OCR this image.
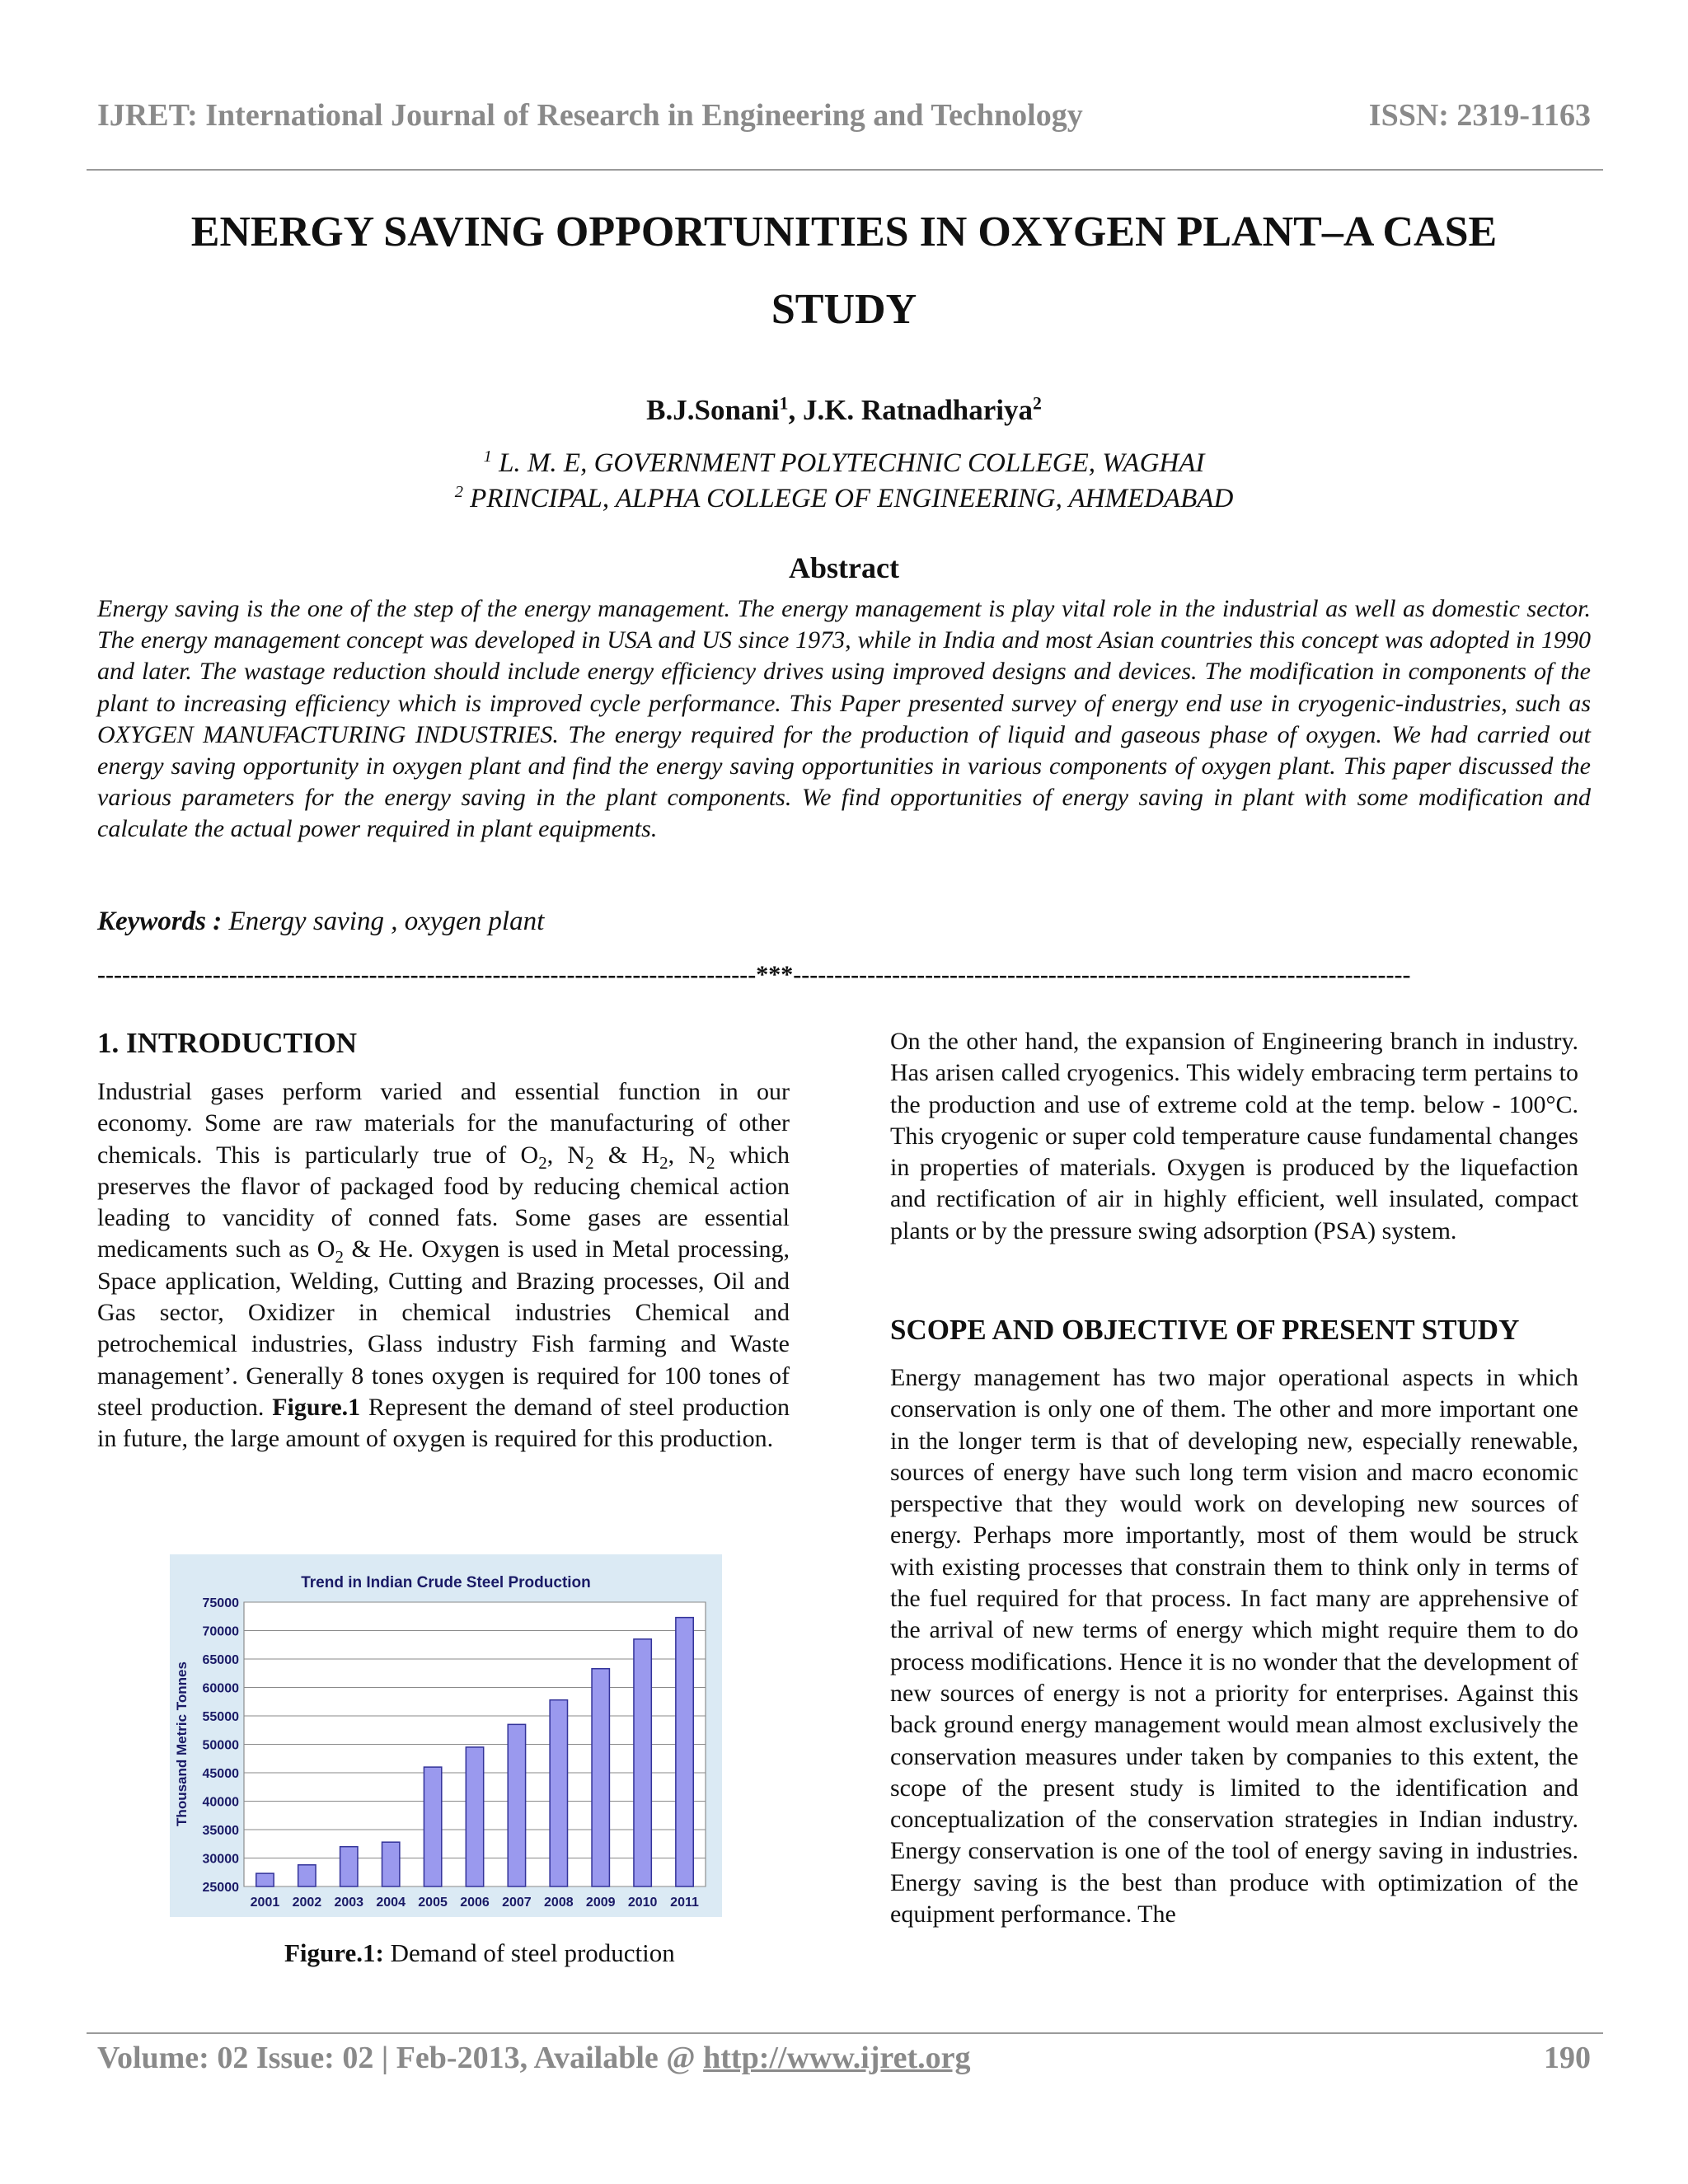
IJRET: International Journal of Research in Engineering and Technology	ISSN: 2319-1163
ENERGY SAVING OPPORTUNITIES IN OXYGEN PLANT–A CASE
STUDY
B.J.Sonani$^1$, J.K. Ratnadhariya$^2$
$^1$ L. M. E, GOVERNMENT POLYTECHNIC COLLEGE, WAGHAI
$^2$ PRINCIPAL, ALPHA COLLEGE OF ENGINEERING, AHMEDABAD
Abstract
Energy saving is the one of the step of the energy management. The energy management is play vital role in the industrial as well as domestic sector. The energy management concept was developed in USA and US since 1973, while in India and most Asian countries this concept was adopted in 1990 and later. The wastage reduction should include energy efficiency drives using improved designs and devices. The modification in components of the plant to increasing efficiency which is improved cycle performance. This Paper presented survey of energy end use in cryogenic-industries, such as OXYGEN MANUFACTURING INDUSTRIES. The energy required for the production of liquid and gaseous phase of oxygen. We had carried out energy saving opportunity in oxygen plant and find the energy saving opportunities in various components of oxygen plant. This paper discussed the various parameters for the energy saving in the plant components. We find opportunities of energy saving in plant with some modification and calculate the actual power required in plant equipments.
Keywords : Energy saving , oxygen plant
--------------------------------------------------------------------------------***---------------------------------------------------------------------------
1. INTRODUCTION
Industrial gases perform varied and essential function in our economy. Some are raw materials for the manufacturing of other chemicals. This is particularly true of $O_2$, $N_2$ & $H_2$, $N_2$ which preserves the flavor of packaged food by reducing chemical action leading to vancidity of conned fats. Some gases are essential medicaments such as $O_2$ & He. Oxygen is used in Metal processing, Space application, Welding, Cutting and Brazing processes, Oil and Gas sector, Oxidizer in chemical industries Chemical and petrochemical industries, Glass industry Fish farming and Waste management’. Generally 8 tones oxygen is required for 100 tones of steel production. Figure.1 Represent the demand of steel production in future, the large amount of oxygen is required for this production.
Trend in Indian Crude Steel Production
Thousand Metric Tonnes
25000
30000
35000
40000
45000
50000
55000
60000
65000
70000
75000
2001 2002 2003 2004 2005 2006 2007 2008 2009 2010 2011
Figure.1: Demand of steel production
On the other hand, the expansion of Engineering branch in industry. Has arisen called cryogenics. This widely embracing term pertains to the production and use of extreme cold at the temp. below - 100°C. This cryogenic or super cold temperature cause fundamental changes in properties of materials. Oxygen is produced by the liquefaction and rectification of air in highly efficient, well insulated, compact plants or by the pressure swing adsorption (PSA) system.
SCOPE AND OBJECTIVE OF PRESENT STUDY
Energy management has two major operational aspects in which conservation is only one of them. The other and more important one in the longer term is that of developing new, especially renewable, sources of energy have such long term vision and macro economic perspective that they would work on developing new sources of energy. Perhaps more importantly, most of them would be struck with existing processes that constrain them to think only in terms of the fuel required for that process. In fact many are apprehensive of the arrival of new terms of energy which might require them to do process modifications. Hence it is no wonder that the development of new sources of energy is not a priority for enterprises. Against this back ground energy management would mean almost exclusively the conservation measures under taken by companies to this extent, the scope of the present study is limited to the identification and conceptualization of the conservation strategies in Indian industry. Energy conservation is one of the tool of energy saving in industries. Energy saving is the best than produce with optimization of the equipment performance. The
Volume: 02 Issue: 02 | Feb-2013, Available @ http://www.ijret.org	190
